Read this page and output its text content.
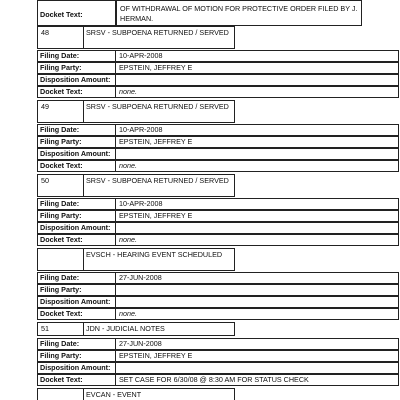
Docket Text:
OF WITHDRAWAL OF MOTION FOR PROTECTIVE ORDER FILED BY J. HERMAN.
48	SRSV - SUBPOENA RETURNED / SERVED
Filing Date:	10-APR-2008
Filing Party:	EPSTEIN, JEFFREY E
Disposition Amount:
Docket Text:	none.
49	SRSV - SUBPOENA RETURNED / SERVED
Filing Date:	10-APR-2008
Filing Party:	EPSTEIN, JEFFREY E
Disposition Amount:
Docket Text:	none.
50	SRSV - SUBPOENA RETURNED / SERVED
Filing Date:	10-APR-2008
Filing Party:	EPSTEIN, JEFFREY E
Disposition Amount:
Docket Text:	none.
EVSCH - HEARING EVENT SCHEDULED
Filing Date:	27-JUN-2008
Filing Party:
Disposition Amount:
Docket Text:	none.
51	JDN - JUDICIAL NOTES
Filing Date:	27-JUN-2008
Filing Party:	EPSTEIN, JEFFREY E
Disposition Amount:
Docket Text:	SET CASE FOR 6/30/08 @ 8:30 AM FOR STATUS CHECK
EVCAN - EVENT
